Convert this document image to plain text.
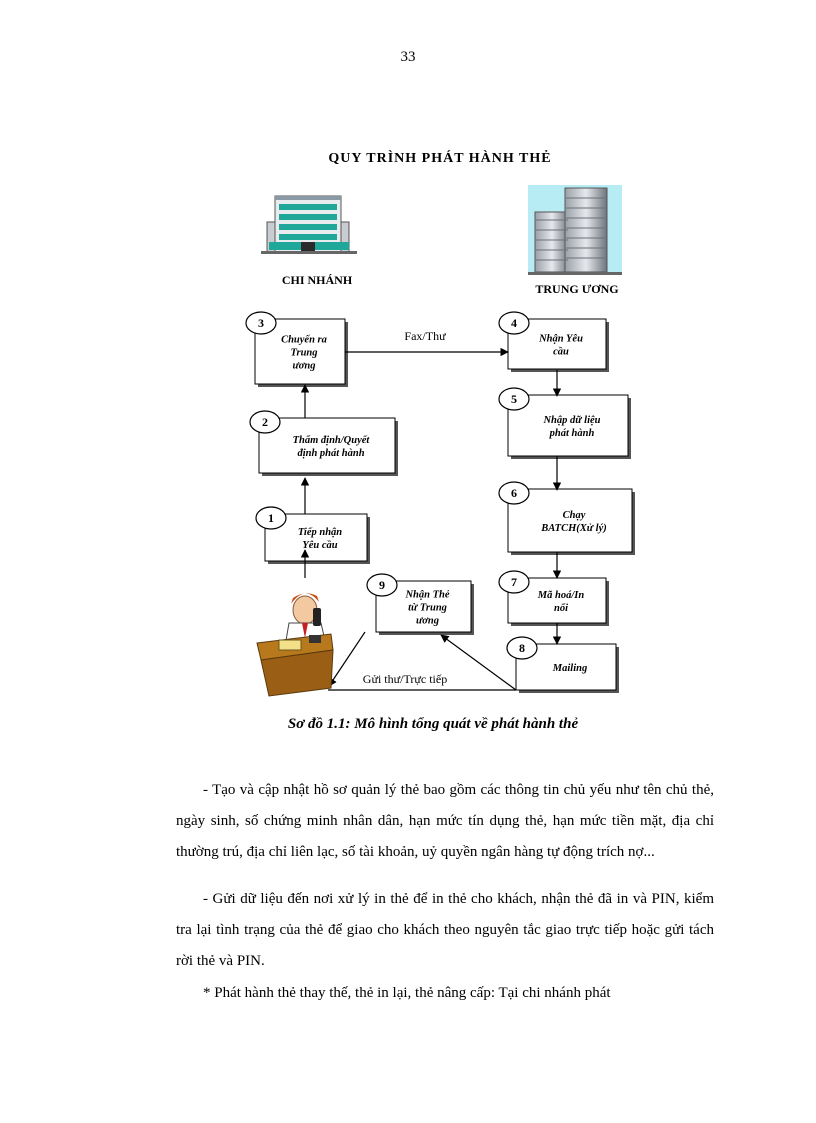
33
QUY TRÌNH PHÁT HÀNH THẺ
CHI NHÁNH
TRUNG ƯƠNG
1
Tiếp nhận
Yêu cầu
2
Thẩm định/Quyết
định phát hành
3
Chuyển ra
Trung
ương
4
Nhận Yêu
cầu
5
Nhập dữ liệu
phát hành
6
Chạy
BATCH(Xử lý)
7
Mã hoá/In
nổi
8
Mailing
9
Nhận Thẻ
từ Trung
ương
Fax/Thư
Gửi thư/Trực tiếp
Sơ đồ 1.1: Mô hình tổng quát về phát hành thẻ

- Tạo và cập nhật hồ sơ quản lý thẻ bao gồm các thông tin chủ yếu như tên chủ thẻ, ngày sinh, số chứng minh nhân dân, hạn mức tín dụng thẻ, hạn mức tiền mặt, địa chỉ thường trú, địa chỉ liên lạc, số tài khoản, uỷ quyền ngân hàng tự động trích nợ...

- Gửi dữ liệu đến nơi xử lý in thẻ để in thẻ cho khách, nhận thẻ đã in và PIN, kiểm tra lại tình trạng của thẻ để giao cho khách theo nguyên tắc giao trực tiếp hoặc gửi tách rời thẻ và PIN.

* Phát hành thẻ thay thế, thẻ in lại, thẻ nâng cấp: Tại chi nhánh phát
